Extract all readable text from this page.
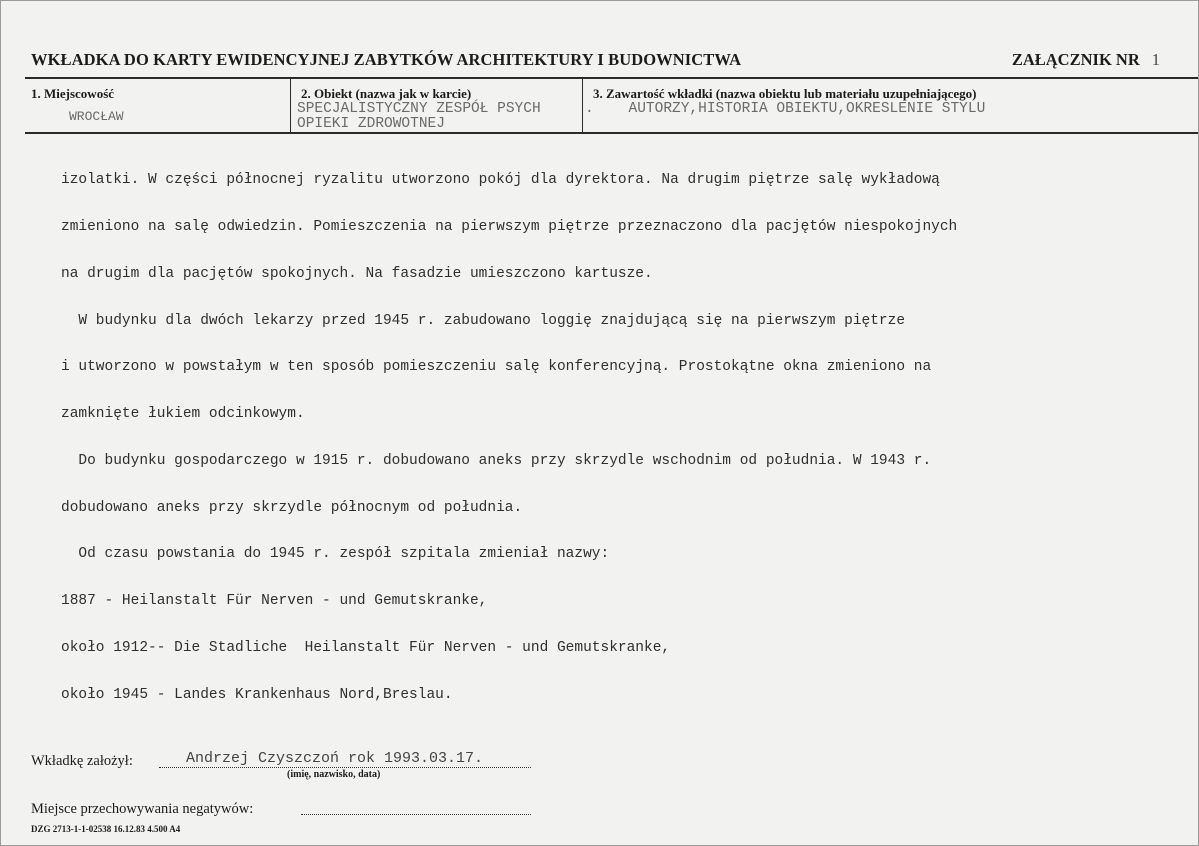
WKŁADKA DO KARTY EWIDENCYJNEJ ZABYTKÓW ARCHITEKTURY I BUDOWNICTWA	ZAŁĄCZNIK NR 1
1. Miejscowość
WROCŁAW
2. Obiekt (nazwa jak w karcie)
SPECJALISTYCZNY ZESPÓŁ PSYCH
OPIEKI ZDROWOTNEJ
3. Zawartość wkładki (nazwa obiektu lub materiału uzupełniającego)
.    AUTORZY,HISTORIA OBIEKTU,OKRESLENIE STYLU

izolatki. W części północnej ryzalitu utworzono pokój dla dyrektora. Na drugim piętrze salę wykładową

zmieniono na salę odwiedzin. Pomieszczenia na pierwszym piętrze przeznaczono dla pacjętów niespokojnych

na drugim dla pacjętów spokojnych. Na fasadzie umieszczono kartusze.

W budynku dla dwóch lekarzy przed 1945 r. zabudowano loggię znajdującą się na pierwszym piętrze

i utworzono w powstałym w ten sposób pomieszczeniu salę konferencyjną. Prostokątne okna zmieniono na

zamknięte łukiem odcinkowym.

Do budynku gospodarczego w 1915 r. dobudowano aneks przy skrzydle wschodnim od południa. W 1943 r.

dobudowano aneks przy skrzydle północnym od południa.

Od czasu powstania do 1945 r. zespół szpitala zmieniał nazwy:

1887 - Heilanstalt Für Nerven - und Gemutskranke,

około 1912-- Die Stadliche  Heilanstalt Für Nerven - und Gemutskranke,

około 1945 - Landes Krankenhaus Nord,Breslau.

Wkładkę założył:	Andrzej Czyszczoń rok 1993.03.17.
(imię, nazwisko, data)
Miejsce przechowywania negatywów:
DZG 2713-1-1-02538 16.12.83 4.500 A4
